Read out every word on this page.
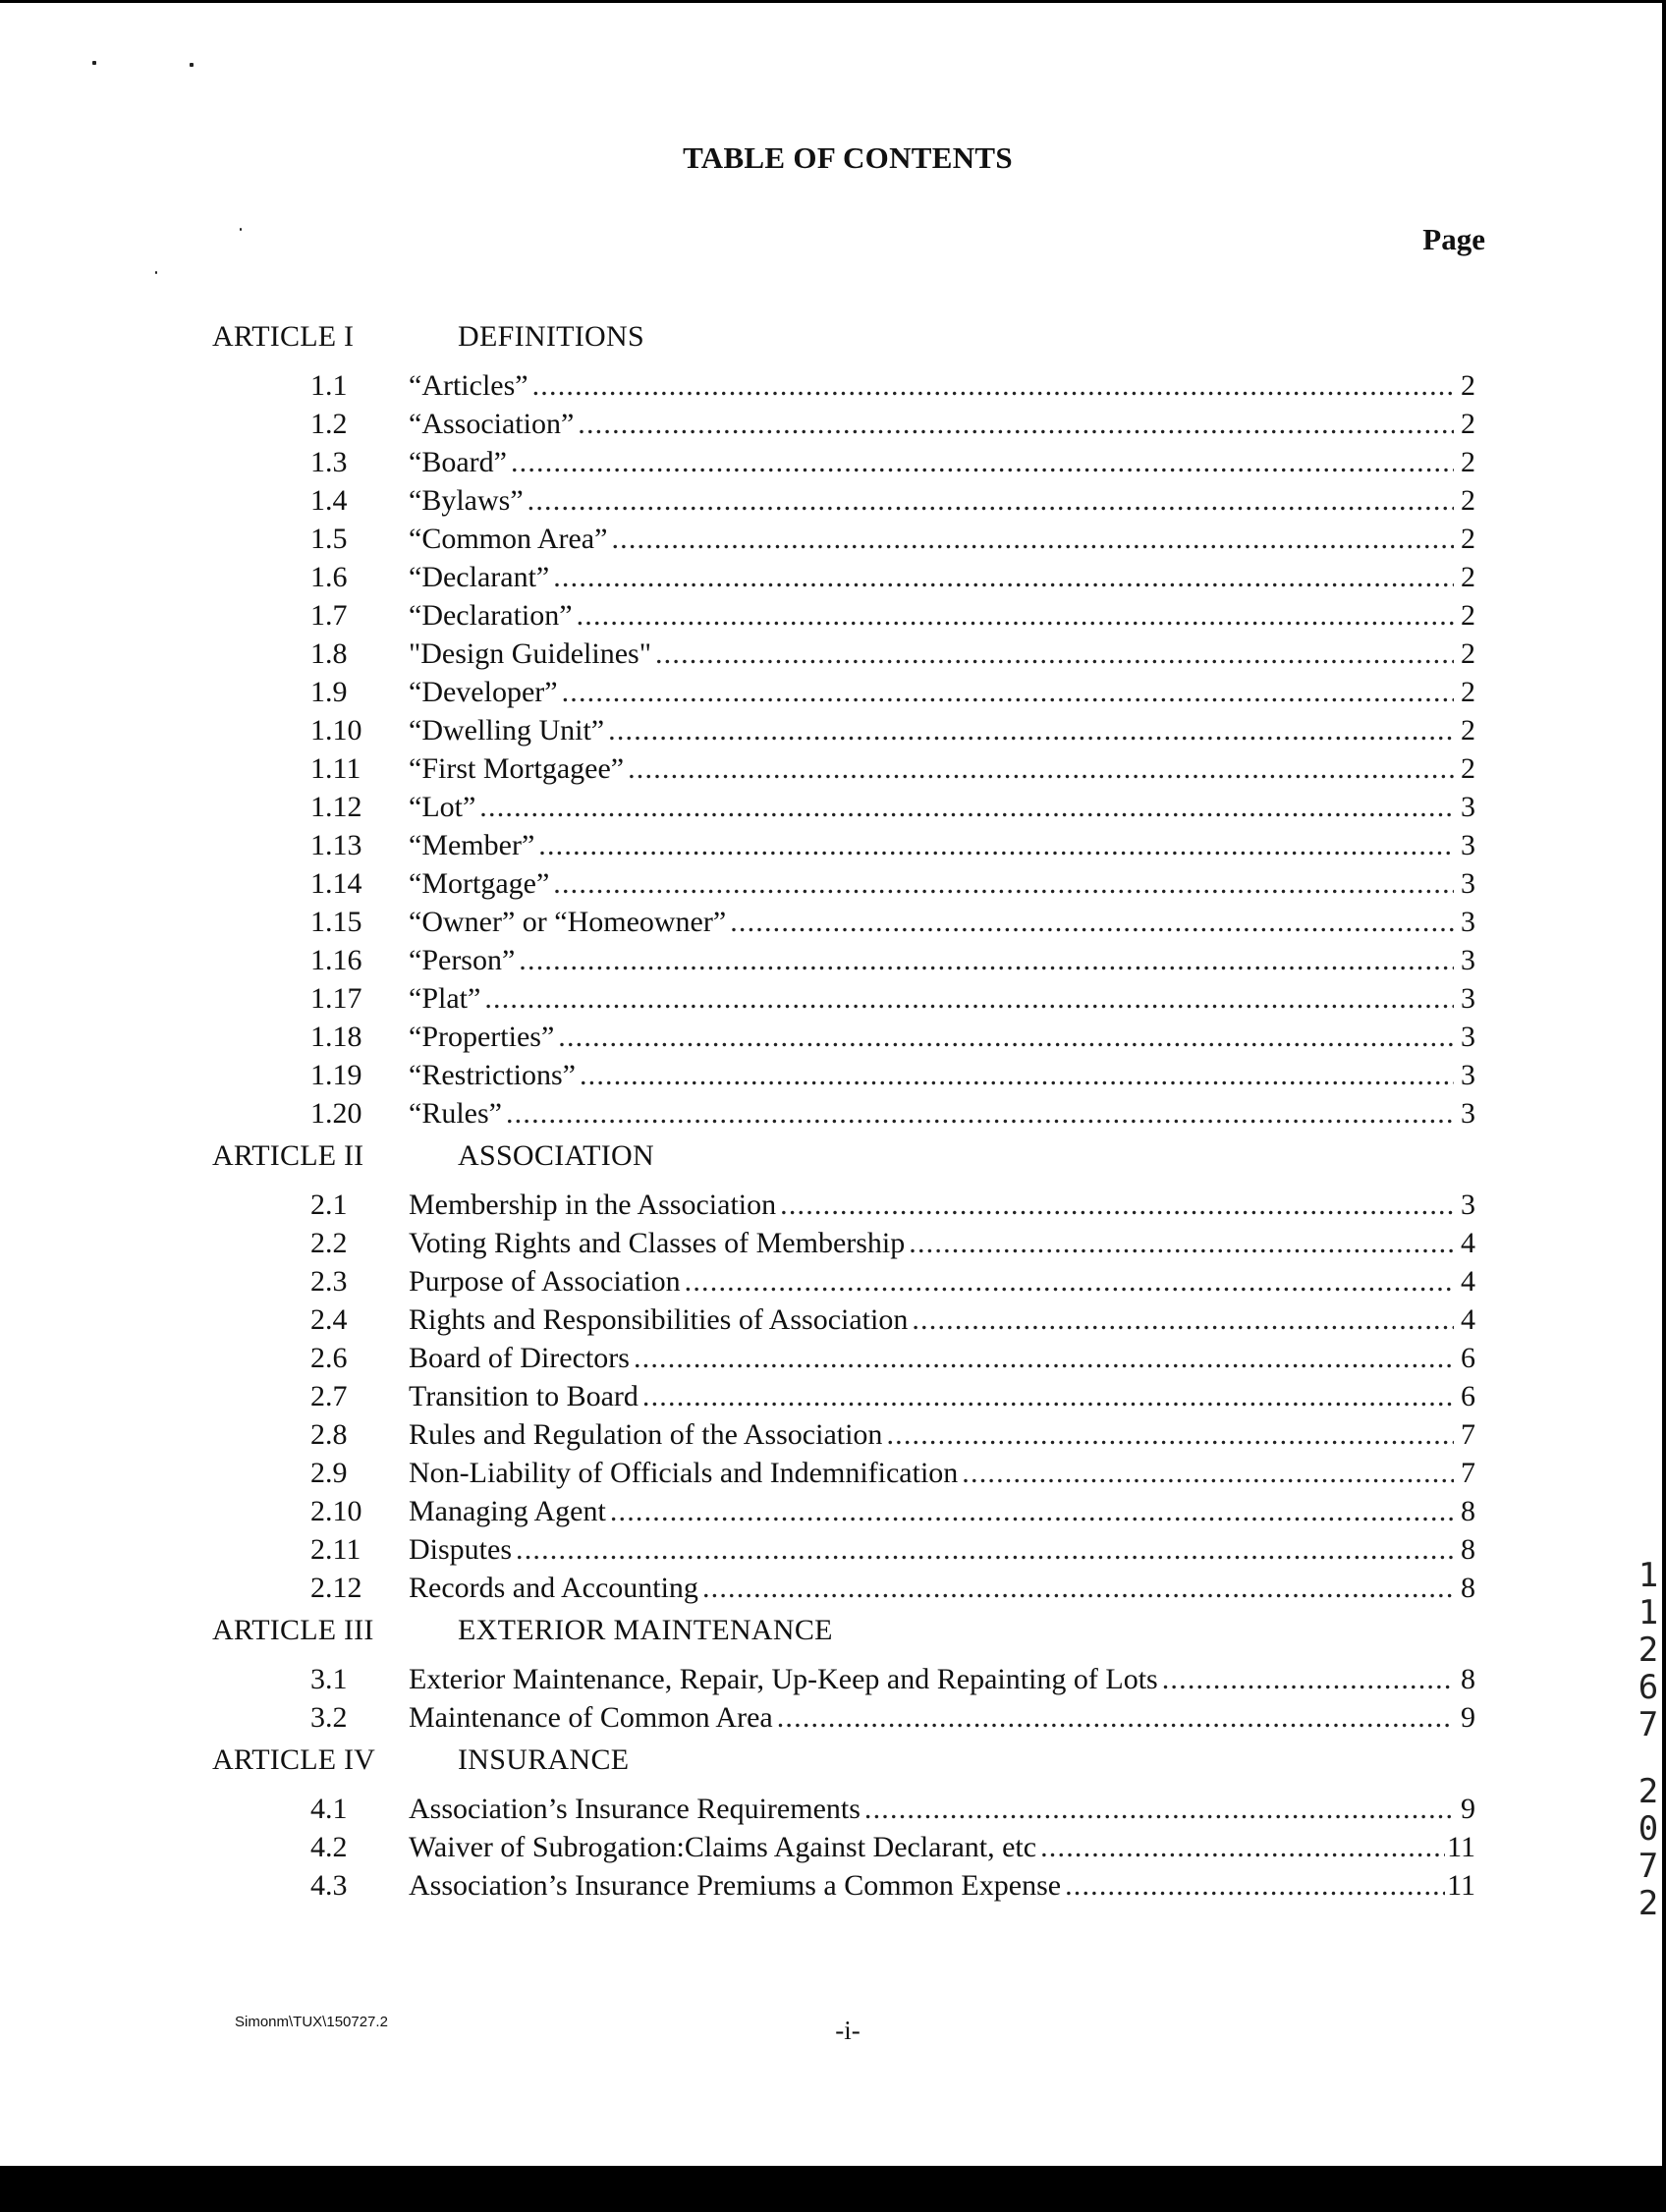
TABLE OF CONTENTS
Page
ARTICLE I	DEFINITIONS
1.1	“Articles” .....	2
1.2	“Association” .....	2
1.3	“Board” .....	2
1.4	“Bylaws” .....	2
1.5	“Common Area” .....	2
1.6	“Declarant” .....	2
1.7	“Declaration” .....	2
1.8	"Design Guidelines" .....	2
1.9	“Developer” .....	2
1.10	“Dwelling Unit” .....	2
1.11	“First Mortgagee” .....	2
1.12	“Lot” .....	3
1.13	“Member” .....	3
1.14	“Mortgage” .....	3
1.15	“Owner” or “Homeowner” .....	3
1.16	“Person” .....	3
1.17	“Plat” .....	3
1.18	“Properties” .....	3
1.19	“Restrictions” .....	3
1.20	“Rules” .....	3
ARTICLE II	ASSOCIATION
2.1	Membership in the Association .....	3
2.2	Voting Rights and Classes of Membership .....	4
2.3	Purpose of Association .....	4
2.4	Rights and Responsibilities of Association .....	4
2.6	Board of Directors .....	6
2.7	Transition to Board .....	6
2.8	Rules and Regulation of the Association .....	7
2.9	Non-Liability of Officials and Indemnification .....	7
2.10	Managing Agent .....	8
2.11	Disputes .....	8
2.12	Records and Accounting .....	8
ARTICLE III	EXTERIOR MAINTENANCE
3.1	Exterior Maintenance, Repair, Up-Keep and Repainting of Lots .....	8
3.2	Maintenance of Common Area .....	9
ARTICLE IV	INSURANCE
4.1	Association’s Insurance Requirements .....	9
4.2	Waiver of Subrogation:Claims Against Declarant, etc .....	11
4.3	Association’s Insurance Premiums a Common Expense .....	11
Simonm\TUX\150727.2	-i-
1
1
2
6
7
2
0
7
2
